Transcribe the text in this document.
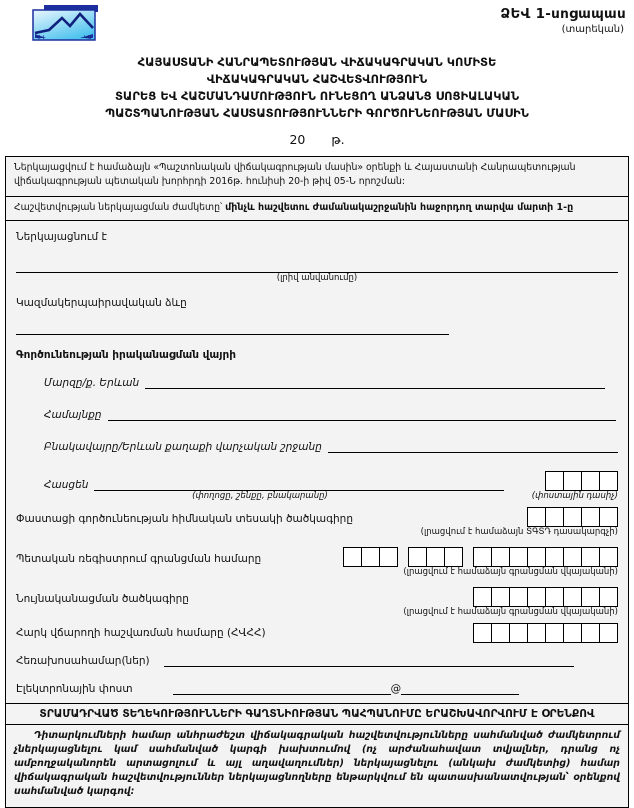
ՀՎ	ԿԱ
ՁԵՎ 1-սոցապաս
(տարեկան)
ՀԱՅԱՍՏԱՆԻ ՀԱՆՐԱՊԵՏՈՒԹՅԱՆ ՎԻՃԱԿԱԳՐԱԿԱՆ ԿՈՄԻՏԵ
ՎԻՃԱԿԱԳՐԱԿԱՆ ՀԱՇՎԵՏՎՈՒԹՅՈՒՆ
ՏԱՐԵՑ ԵՎ ՀԱՇՄԱՆԴԱՄՈՒԹՅՈՒՆ ՈՒՆԵՑՈՂ ԱՆՁԱՆՑ ՍՈՑԻԱԼԱԿԱՆ
ՊԱՇՏՊԱՆՈՒԹՅԱՆ ՀԱՍՏԱՏՈՒԹՅՈՒՆՆԵՐԻ ԳՈՐԾՈՒՆԵՈՒԹՅԱՆ ՄԱՍԻՆ
20 թ.
Ներկայացվում է համաձայն «Պաշտոնական վիճակագրության մասին» օրենքի և Հայաստանի Հանրապետության վիճակագրության պետական խորհրդի 2016թ. հունիսի 20-ի թիվ 05-Ն որոշման:
Հաշվետվության ներկայացման ժամկետը՝ մինչև հաշվետու ժամանակաշրջանին հաջորդող տարվա մարտի 1-ը
Ներկայացնում է
(լրիվ անվանումը)
Կազմակերպաիրավական ձևը
Գործունեության իրականացման վայրի
Մարզը/ք. Երևան
Համայնքը
Բնակավայրը/Երևան քաղաքի վարչական շրջանը
Հասցեն
(փողոցը, շենքը, բնակարանը)	(փոստային դասիչ)
Փաստացի գործունեության հիմնական տեսակի ծածկագիրը
(լրացվում է համաձայն ՏԳՏԴ դասակարգչի)
Պետական ռեգիստրում գրանցման համարը
(լրացվում է համաձայն գրանցման վկայականի)
Նույնականացման ծածկագիրը
(լրացվում է համաձայն գրանցման վկայականի)
Հարկ վճարողի հաշվառման համարը (ՀՎՀՀ)
Հեռախոսահամար(ներ)
Էլեկտրոնային փոստ	@
ՏՐԱՄԱԴՐՎԱԾ ՏԵՂԵԿՈՒԹՅՈՒՆՆԵՐԻ ԳԱՂՏՆԻՈՒԹՅԱՆ ՊԱՀՊԱՆՈՒՄԸ ԵՐԱՇԽԱՎՈՐՎՈՒՄ Է ՕՐԵՆՔՈՎ

Դիտարկումների համար անհրաժեշտ վիճակագրական հաշվետվությունները սահմանված ժամկետրում չներկայացնելու կամ սահմանված կարգի խախտումով (ոչ արժանահավատ տվյալներ, դրանց ոչ ամբողջականորեն արտացոլում և այլ աղավաղումներ) ներկայացնելու (անկախ ժամկետից) համար վիճակագրական հաշվետվություններ ներկայացնողները ենթարկվում են պատասխանատվության՝ օրենքով սահմանված կարգով:
